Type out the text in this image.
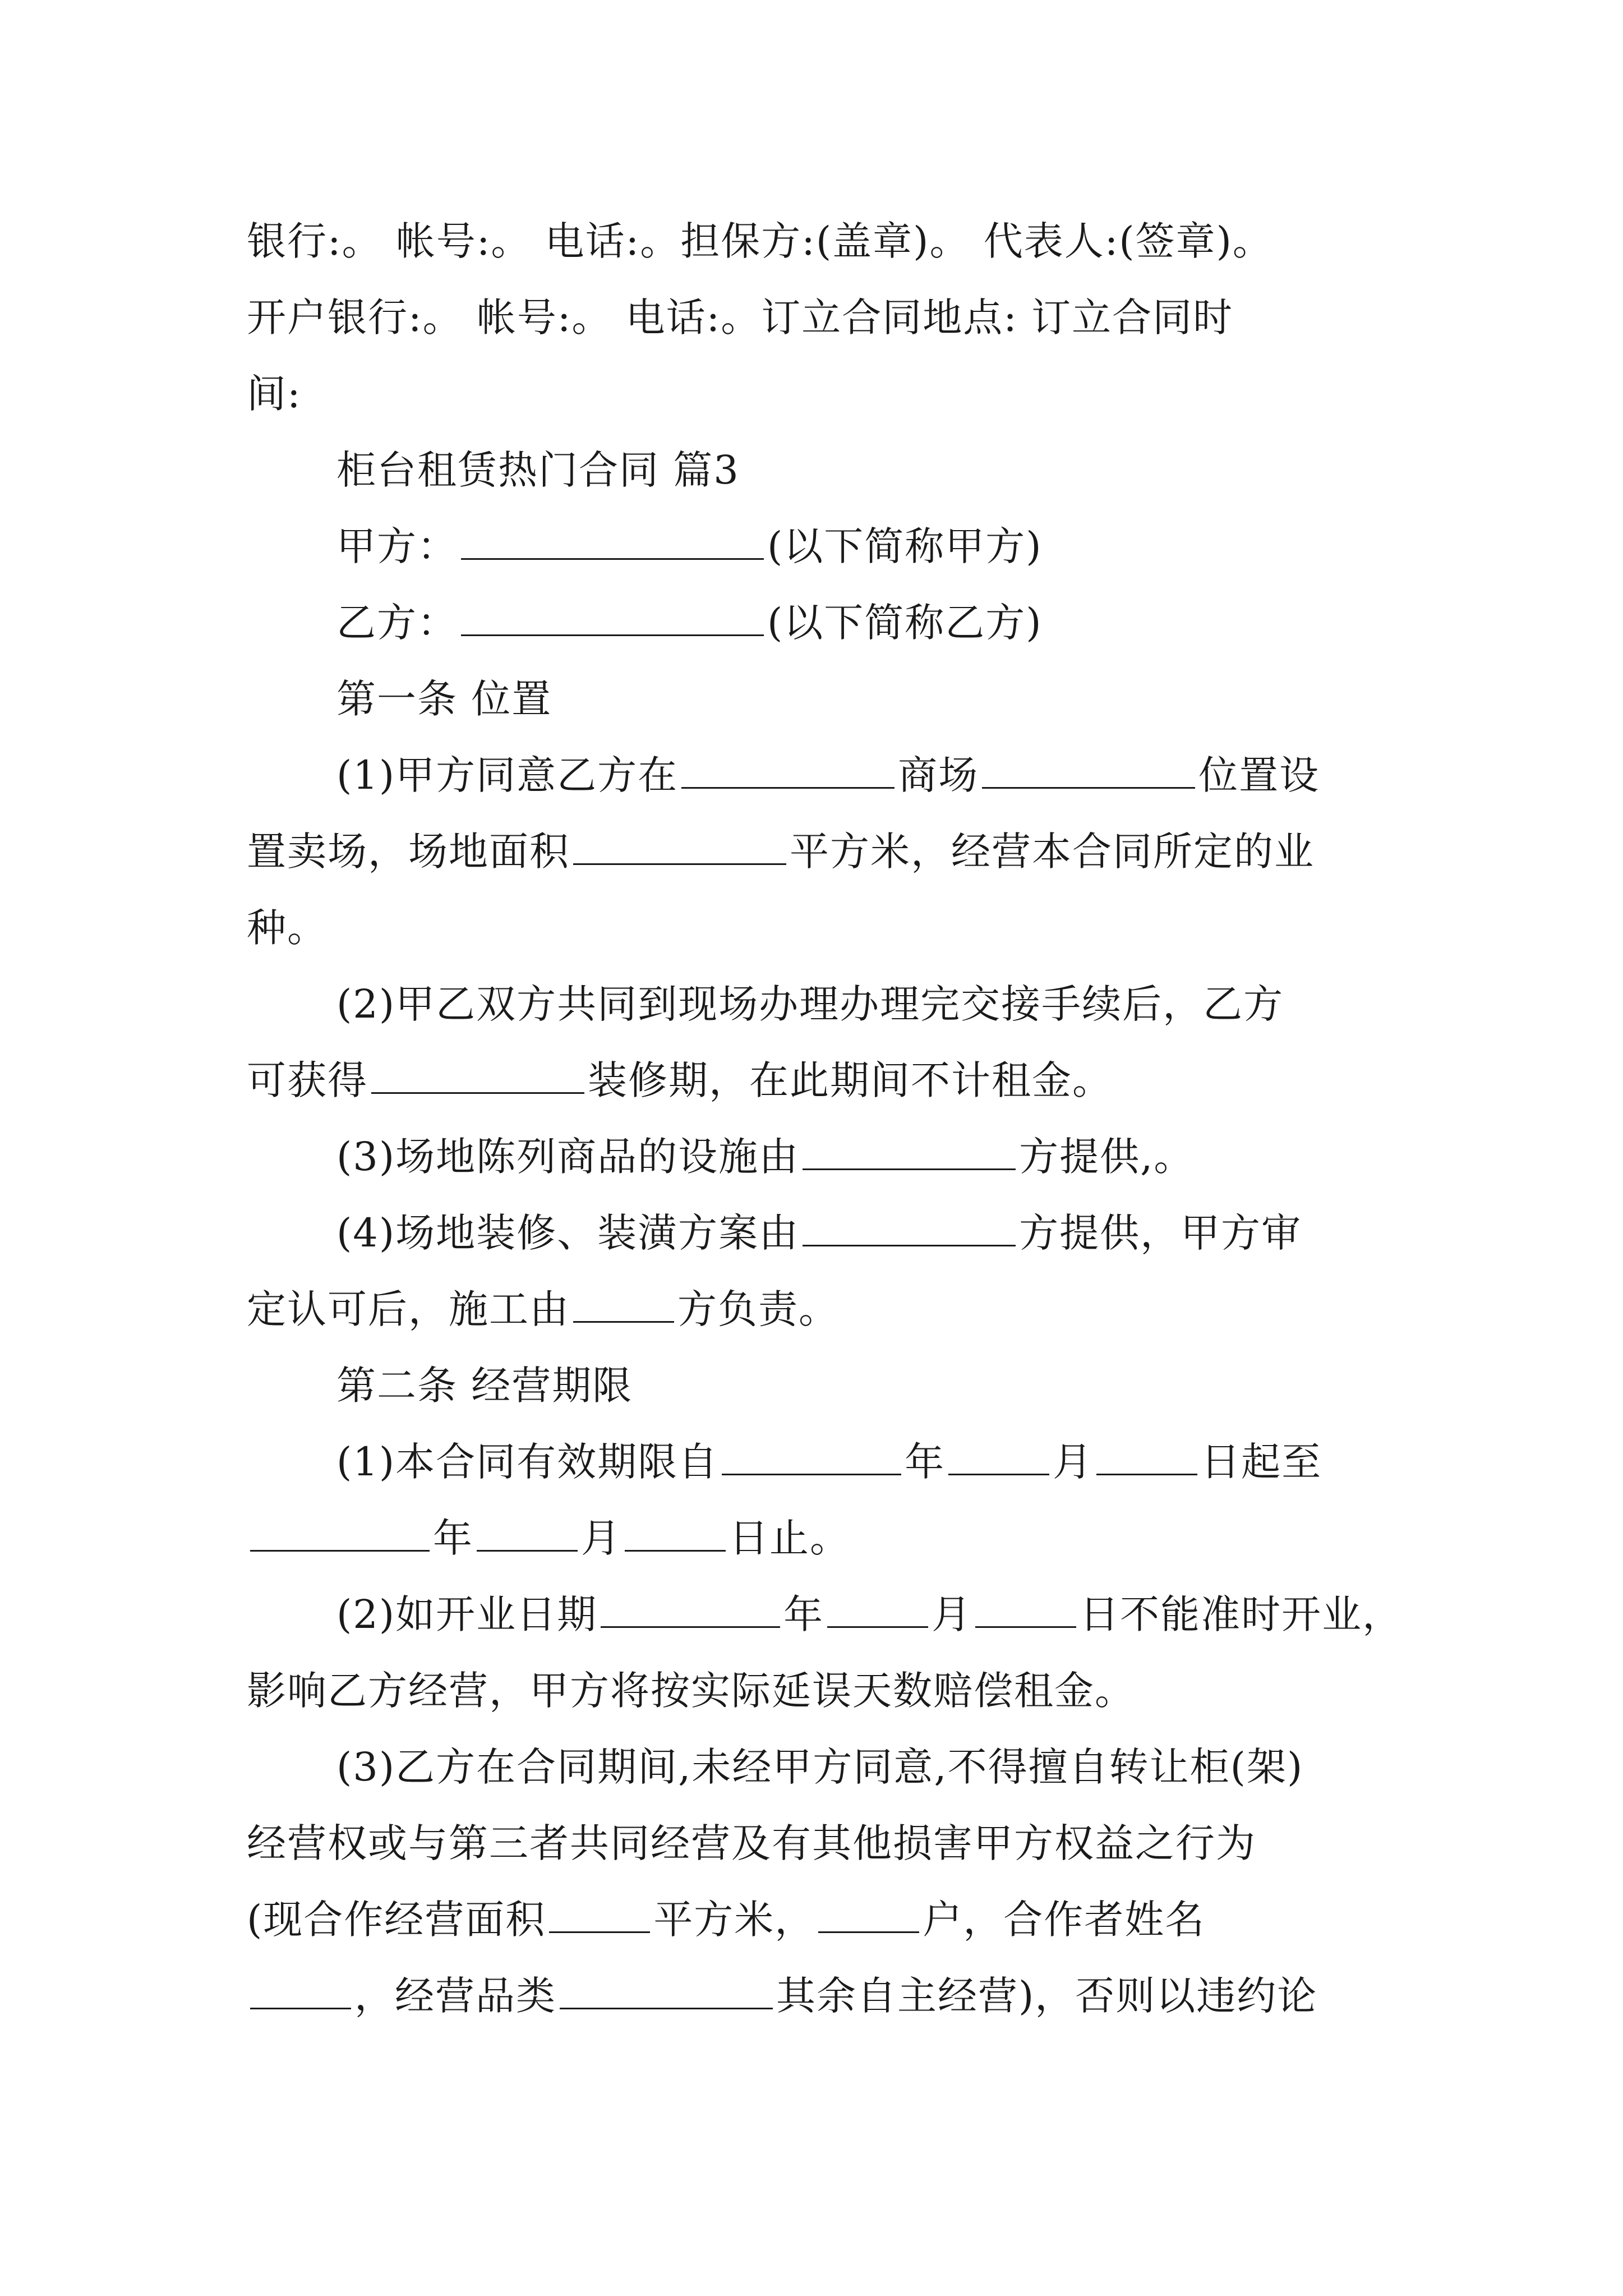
银行:。 帐号:。 电话:。担保方:(盖章)。 代表人:(签章)。
开户银行:。 帐号:。 电话:。订立合同地点: 订立合同时
间:
柜台租赁热门合同 篇3
甲方：	(以下简称甲方)
乙方：	(以下简称乙方)
第一条 位置
(1)甲方同意乙方在	商场	位置设
置卖场，场地面积	平方米，经营本合同所定的业
种。
(2)甲乙双方共同到现场办理办理完交接手续后，乙方
可获得	装修期，在此期间不计租金。
(3)场地陈列商品的设施由	方提供,。
(4)场地装修、装潢方案由	方提供，甲方审
定认可后，施工由	方负责。
第二条 经营期限
(1)本合同有效期限自	年	月	日起至
年	月	日止。
(2)如开业日期	年	月	日不能准时开业，
影响乙方经营，甲方将按实际延误天数赔偿租金。
(3)乙方在合同期间,未经甲方同意,不得擅自转让柜(架)
经营权或与第三者共同经营及有其他损害甲方权益之行为
(现合作经营面积	平方米，	户，合作者姓名
，经营品类	其余自主经营)，否则以违约论
